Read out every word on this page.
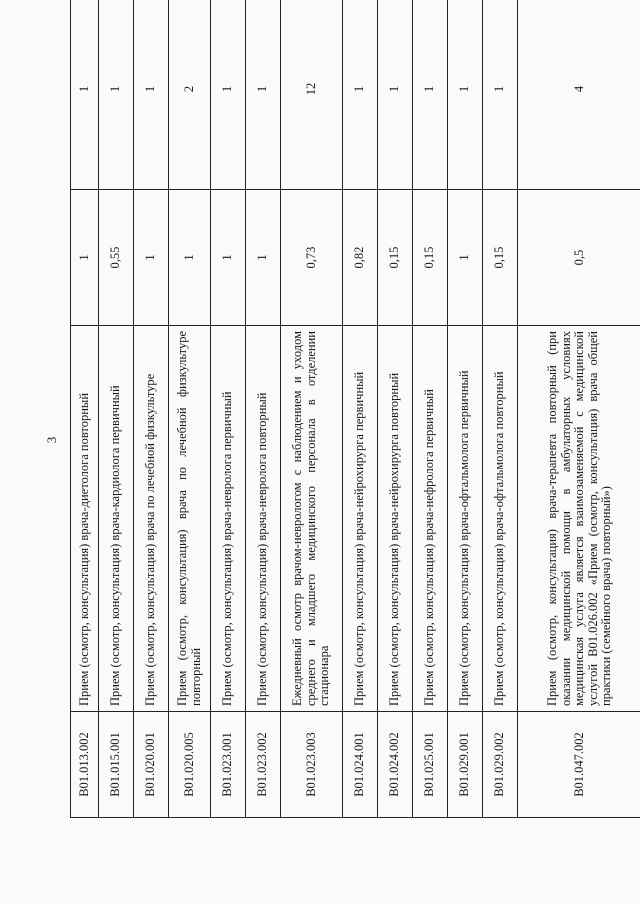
3
B01.013.002	Прием (осмотр, консультация) врача-диетолога повторный	1	1
B01.015.001	Прием (осмотр, консультация) врача-кардиолога первичный	0,55	1
B01.020.001	Прием (осмотр, консультация) врача по лечебной физкультуре	1	1
B01.020.005	Прием (осмотр, консультация) врача по лечебной физкультуре повторный	1	2
B01.023.001	Прием (осмотр, консультация) врача-невролога первичный	1	1
B01.023.002	Прием (осмотр, консультация) врача-невролога повторный	1	1
B01.023.003	Ежедневный осмотр врачом-неврологом с наблюдением и уходом среднего и младшего медицинского персонала в отделении стационара	0,73	12
B01.024.001	Прием (осмотр, консультация) врача-нейрохирурга первичный	0,82	1
B01.024.002	Прием (осмотр, консультация) врача-нейрохирурга повторный	0,15	1
B01.025.001	Прием (осмотр, консультация) врача-нефролога первичный	0,15	1
B01.029.001	Прием (осмотр, консультация) врача-офтальмолога первичный	1	1
B01.029.002	Прием (осмотр, консультация) врача-офтальмолога повторный	0,15	1
B01.047.002	Прием (осмотр, консультация) врача-терапевта повторный (при оказании медицинской помощи в амбулаторных условиях медицинская услуга является взаимозаменяемой с медицинской услугой B01.026.002 «Прием (осмотр, консультация) врача общей практики (семейного врача) повторный»)	0,5	4
